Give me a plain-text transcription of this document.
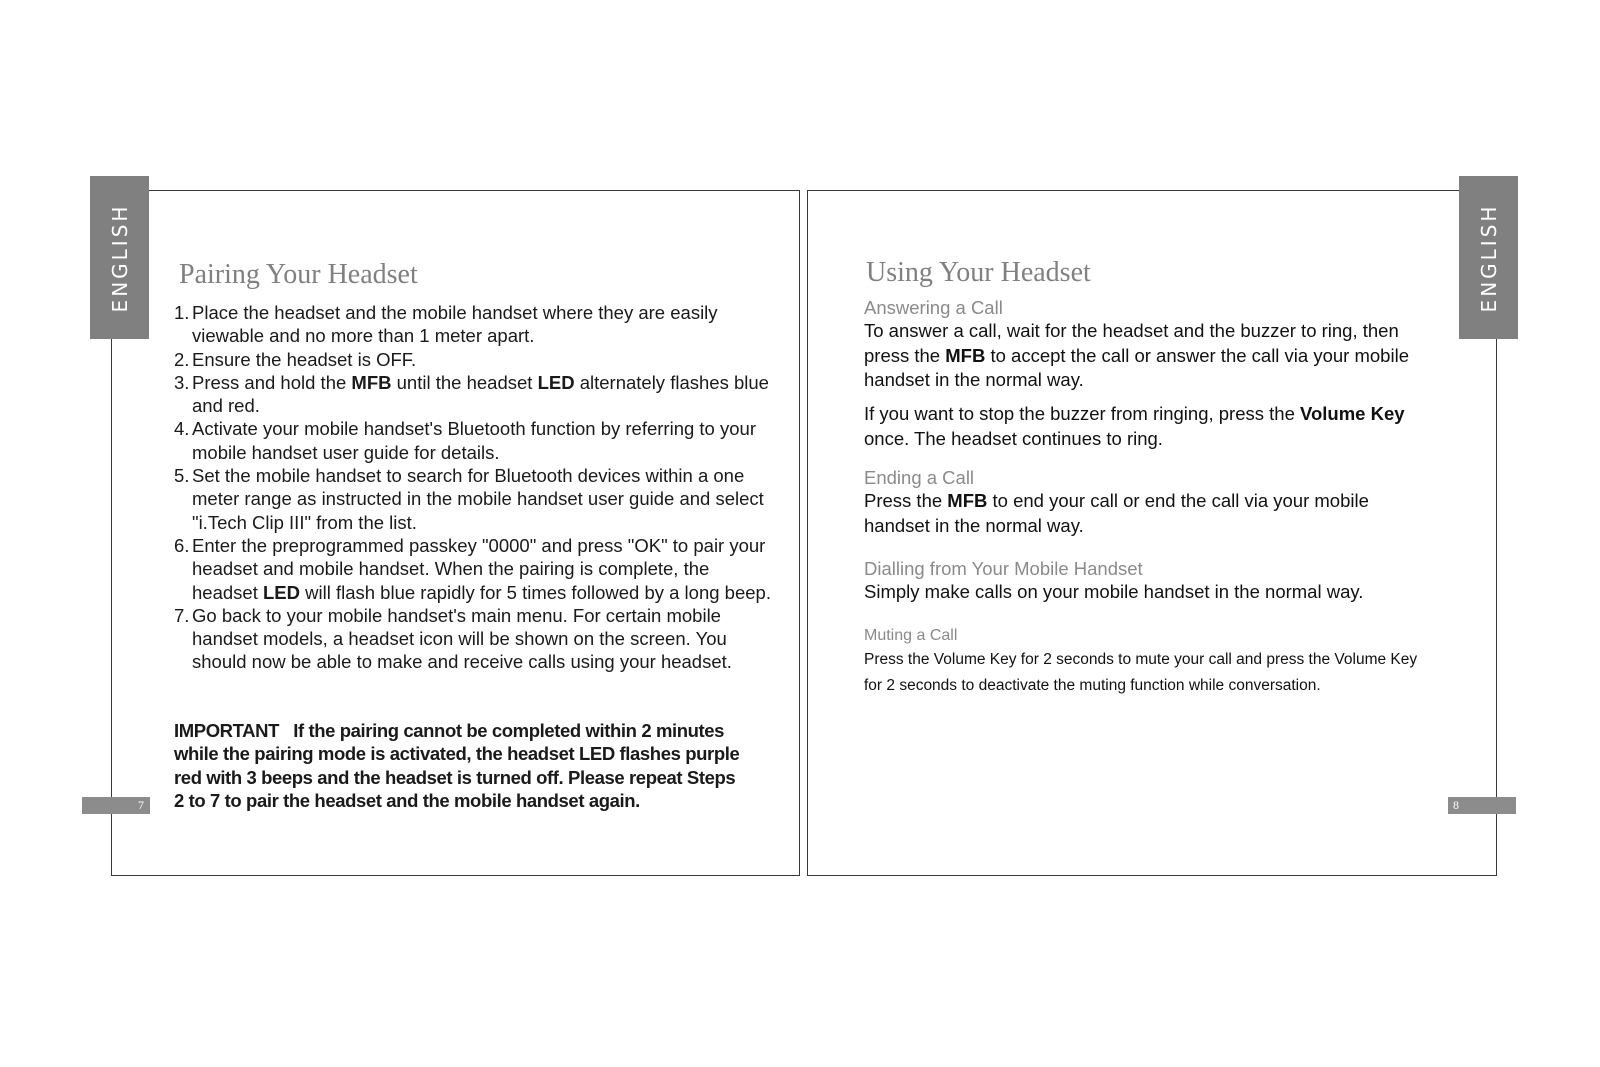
ENGLISH	ENGLISH
7	8
Pairing Your Headset
1. Place the headset and the mobile handset where they are easily viewable and no more than 1 meter apart.
2. Ensure the headset is OFF.
3. Press and hold the MFB until the headset LED alternately flashes blue and red.
4. Activate your mobile handset's Bluetooth function by referring to your mobile handset user guide for details.
5. Set the mobile handset to search for Bluetooth devices within a one meter range as instructed in the mobile handset user guide and select "i.Tech Clip III" from the list.
6. Enter the preprogrammed passkey "0000" and press "OK" to pair your headset and mobile handset. When the pairing is complete, the headset LED will flash blue rapidly for 5 times followed by a long beep.
7. Go back to your mobile handset's main menu. For certain mobile handset models, a headset icon will be shown on the screen. You should now be able to make and receive calls using your headset.

IMPORTANT If the pairing cannot be completed within 2 minutes while the pairing mode is activated, the headset LED flashes purple red with 3 beeps and the headset is turned off. Please repeat Steps 2 to 7 to pair the headset and the mobile handset again.

Using Your Headset
Answering a Call

To answer a call, wait for the headset and the buzzer to ring, then press the MFB to accept the call or answer the call via your mobile handset in the normal way.

If you want to stop the buzzer from ringing, press the Volume Key once. The headset continues to ring.

Ending a Call

Press the MFB to end your call or end the call via your mobile handset in the normal way.

Dialling from Your Mobile Handset

Simply make calls on your mobile handset in the normal way.

Muting a Call

Press the Volume Key for 2 seconds to mute your call and press the Volume Key for 2 seconds to deactivate the muting function while conversation.
